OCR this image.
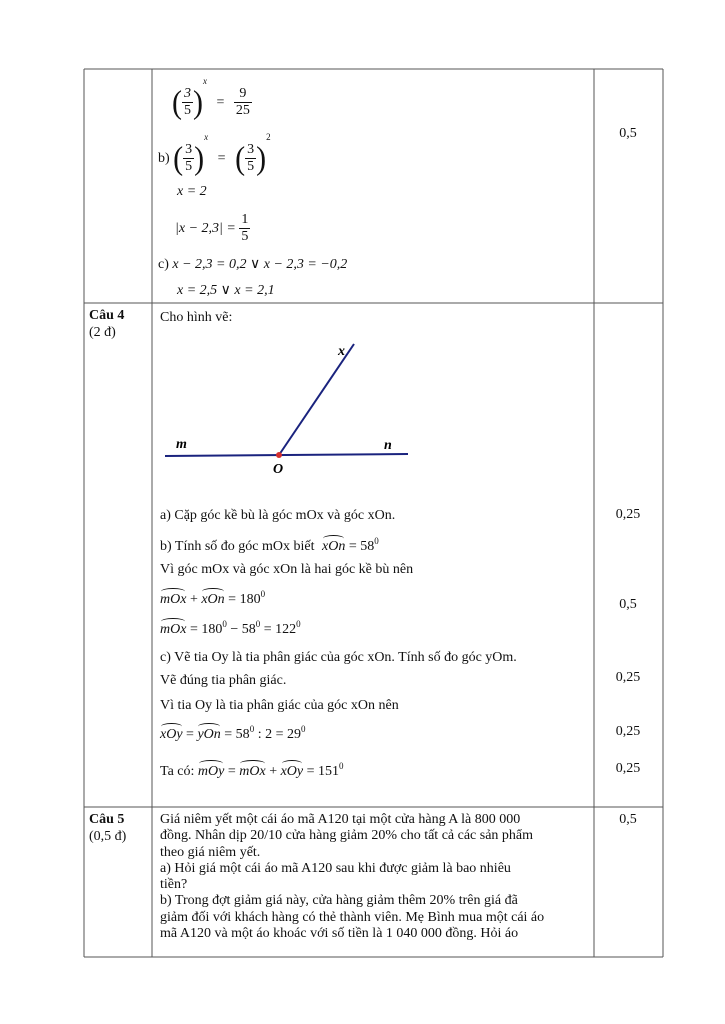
( $\frac{3}{5} )^x = \frac{9}{25}$
b) ( $\frac{3}{5} )^x$ = ( $\frac{3}{5} )^2$
x = 2
$|x - 2,3| = \frac{1}{5}$
c) x − 2,3 = 0,2 ∨ x − 2,3 = −0,2
x = 2,5 ∨ x = 2,1
0,5
Câu 4
(2 đ)
Cho hình vẽ:
x
m	n
O
a) Cặp góc kề bù là góc mOx và góc xOn.
b) Tính số đo góc mOx biết xOn = $58^0$
Vì góc mOx và góc xOn là hai góc kề bù nên
mOx + xOn = $180^0$
mOx = $180^0 - 58^0 = 122^0$
c) Vẽ tia Oy là tia phân giác của góc xOn. Tính số đo góc yOm.
Vẽ đúng tia phân giác.
Vì tia Oy là tia phân giác của góc xOn nên
xOy = yOn = $58^0$ : $2 = 29^0$
Ta có: mOy = mOx + xOy = $151^0$
0,25
0,5
0,25
0,25
0,25
Câu 5
(0,5 đ)
Giá niêm yết một cái áo mã A120 tại một cửa hàng A là 800 000
đồng. Nhân dịp 20/10 cửa hàng giảm 20% cho tất cả các sản phẩm
theo giá niêm yết.
a) Hỏi giá một cái áo mã A120 sau khi được giảm là bao nhiêu
tiền?
b) Trong đợt giảm giá này, cửa hàng giảm thêm 20% trên giá đã
giảm đối với khách hàng có thẻ thành viên. Mẹ Bình mua một cái áo
mã A120 và một áo khoác với số tiền là 1 040 000 đồng. Hỏi áo
0,5
